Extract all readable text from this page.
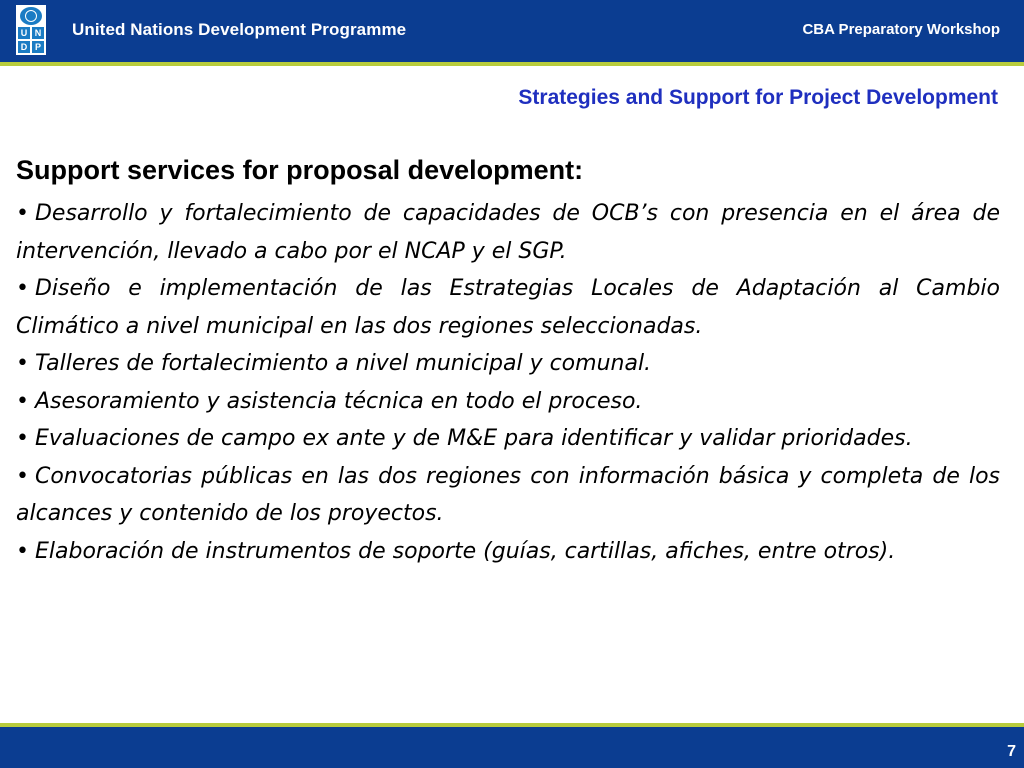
U N
D P
United Nations Development Programme	CBA Preparatory Workshop
Strategies and Support for Project Development
Support services for proposal development:
• Desarrollo y fortalecimiento de capacidades de OCB’s con presencia en el área de intervención, llevado a cabo por el NCAP y el SGP.
• Diseño e implementación de las Estrategias Locales de Adaptación al Cambio Climático a nivel municipal en las dos regiones seleccionadas.
• Talleres de fortalecimiento a nivel municipal y comunal.
• Asesoramiento y asistencia técnica en todo el proceso.
• Evaluaciones de campo ex ante y de M&E para identificar y validar prioridades.
• Convocatorias públicas en las dos regiones con información básica y completa de los alcances y contenido de los proyectos.
• Elaboración de instrumentos de soporte (guías, cartillas, afiches, entre otros).
7
